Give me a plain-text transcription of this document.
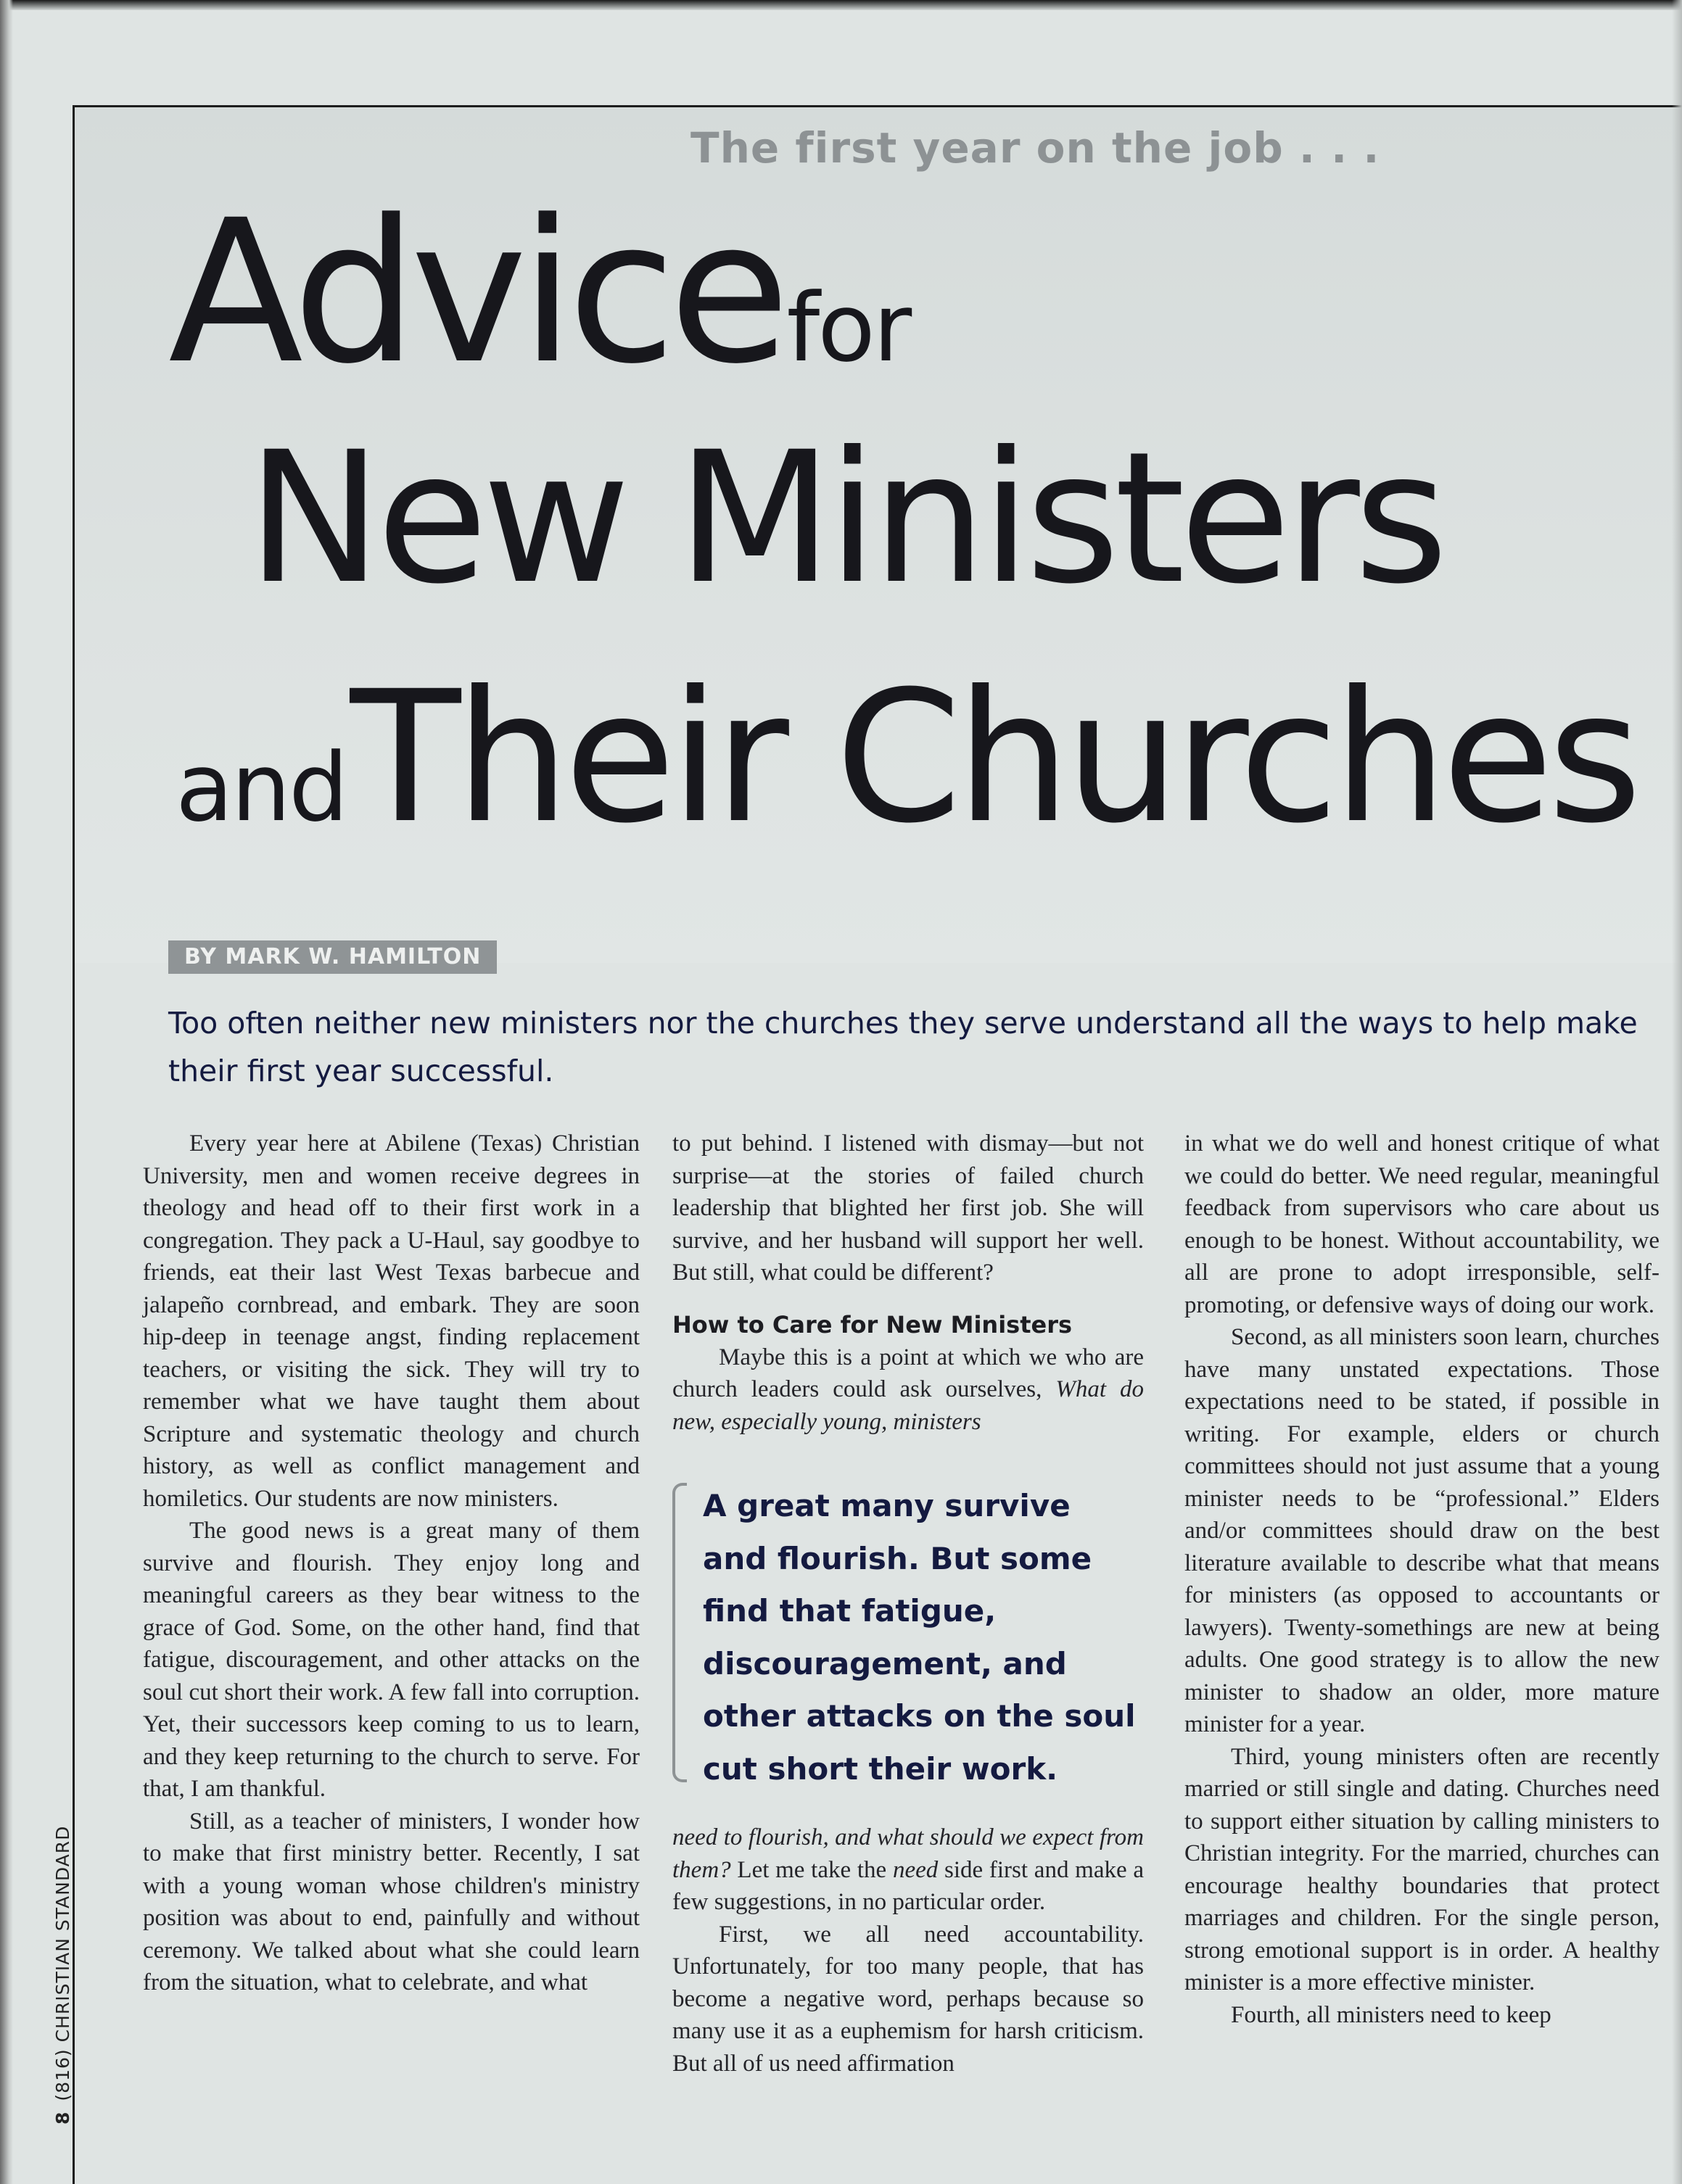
The first year on the job . . .
Advice for
New Ministers
and Their Churches
BY MARK W. HAMILTON
Too often neither new ministers nor the churches they serve understand all the ways to help make their first year successful.

Every year here at Abilene (Texas) Christian University, men and women receive degrees in theology and head off to their first work in a congregation. They pack a U-Haul, say goodbye to friends, eat their last West Texas barbecue and jalapeño cornbread, and embark. They are soon hip-deep in teenage angst, finding replacement teachers, or visiting the sick. They will try to remember what we have taught them about Scripture and systematic theology and church history, as well as conflict management and homiletics. Our students are now ministers.

The good news is a great many of them survive and flourish. They enjoy long and meaningful careers as they bear witness to the grace of God. Some, on the other hand, find that fatigue, discouragement, and other attacks on the soul cut short their work. A few fall into corruption. Yet, their successors keep coming to us to learn, and they keep returning to the church to serve. For that, I am thankful.

Still, as a teacher of ministers, I wonder how to make that first ministry better. Recently, I sat with a young woman whose children's ministry position was about to end, painfully and without ceremony. We talked about what she could learn from the situation, what to celebrate, and what

to put behind. I listened with dismay—but not surprise—at the stories of failed church leadership that blighted her first job. She will survive, and her husband will support her well. But still, what could be different?

How to Care for New Ministers

Maybe this is a point at which we who are church leaders could ask ourselves, What do new, especially young, ministers

A great many survive and flourish. But some find that fatigue, discouragement, and other attacks on the soul cut short their work.

need to flourish, and what should we expect from them? Let me take the need side first and make a few suggestions, in no particular order.

First, we all need accountability. Unfortunately, for too many people, that has become a negative word, perhaps because so many use it as a euphemism for harsh criticism. But all of us need affirmation

in what we do well and honest critique of what we could do better. We need regular, meaningful feedback from supervisors who care about us enough to be honest. Without accountability, we all are prone to adopt irresponsible, self-promoting, or defensive ways of doing our work.

Second, as all ministers soon learn, churches have many unstated expectations. Those expectations need to be stated, if possible in writing. For example, elders or church committees should not just assume that a young minister needs to be “professional.” Elders and/or committees should draw on the best literature available to describe what that means for ministers (as opposed to accountants or lawyers). Twenty-somethings are new at being adults. One good strategy is to allow the new minister to shadow an older, more mature minister for a year.

Third, young ministers often are recently married or still single and dating. Churches need to support either situation by calling ministers to Christian integrity. For the married, churches can encourage healthy boundaries that protect marriages and children. For the single person, strong emotional support is in order. A healthy minister is a more effective minister.

Fourth, all ministers need to keep

8(816) CHRISTIAN STANDARD
